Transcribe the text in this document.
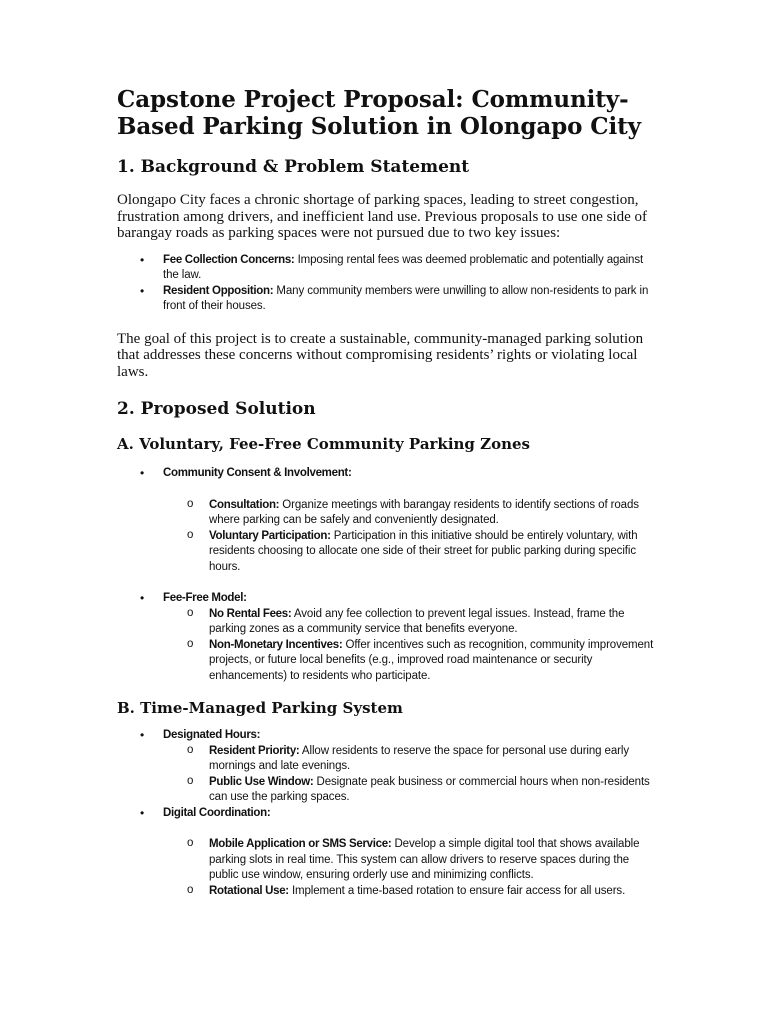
Capstone Project Proposal: Community-Based Parking Solution in Olongapo City
1. Background & Problem Statement

Olongapo City faces a chronic shortage of parking spaces, leading to street congestion, frustration among drivers, and inefficient land use. Previous proposals to use one side of barangay roads as parking spaces were not pursued due to two key issues:

• Fee Collection Concerns: Imposing rental fees was deemed problematic and potentially against the law.
• Resident Opposition: Many community members were unwilling to allow non-residents to park in front of their houses.

The goal of this project is to create a sustainable, community-managed parking solution that addresses these concerns without compromising residents’ rights or violating local laws.

2. Proposed Solution
A. Voluntary, Fee-Free Community Parking Zones
• Community Consent & Involvement:
o Consultation: Organize meetings with barangay residents to identify sections of roads where parking can be safely and conveniently designated.
o Voluntary Participation: Participation in this initiative should be entirely voluntary, with residents choosing to allocate one side of their street for public parking during specific hours.
• Fee-Free Model:
o No Rental Fees: Avoid any fee collection to prevent legal issues. Instead, frame the parking zones as a community service that benefits everyone.
o Non-Monetary Incentives: Offer incentives such as recognition, community improvement projects, or future local benefits (e.g., improved road maintenance or security enhancements) to residents who participate.
B. Time-Managed Parking System
• Designated Hours:
o Resident Priority: Allow residents to reserve the space for personal use during early mornings and late evenings.
o Public Use Window: Designate peak business or commercial hours when non-residents can use the parking spaces.
• Digital Coordination:
o Mobile Application or SMS Service: Develop a simple digital tool that shows available parking slots in real time. This system can allow drivers to reserve spaces during the public use window, ensuring orderly use and minimizing conflicts.
o Rotational Use: Implement a time-based rotation to ensure fair access for all users.
